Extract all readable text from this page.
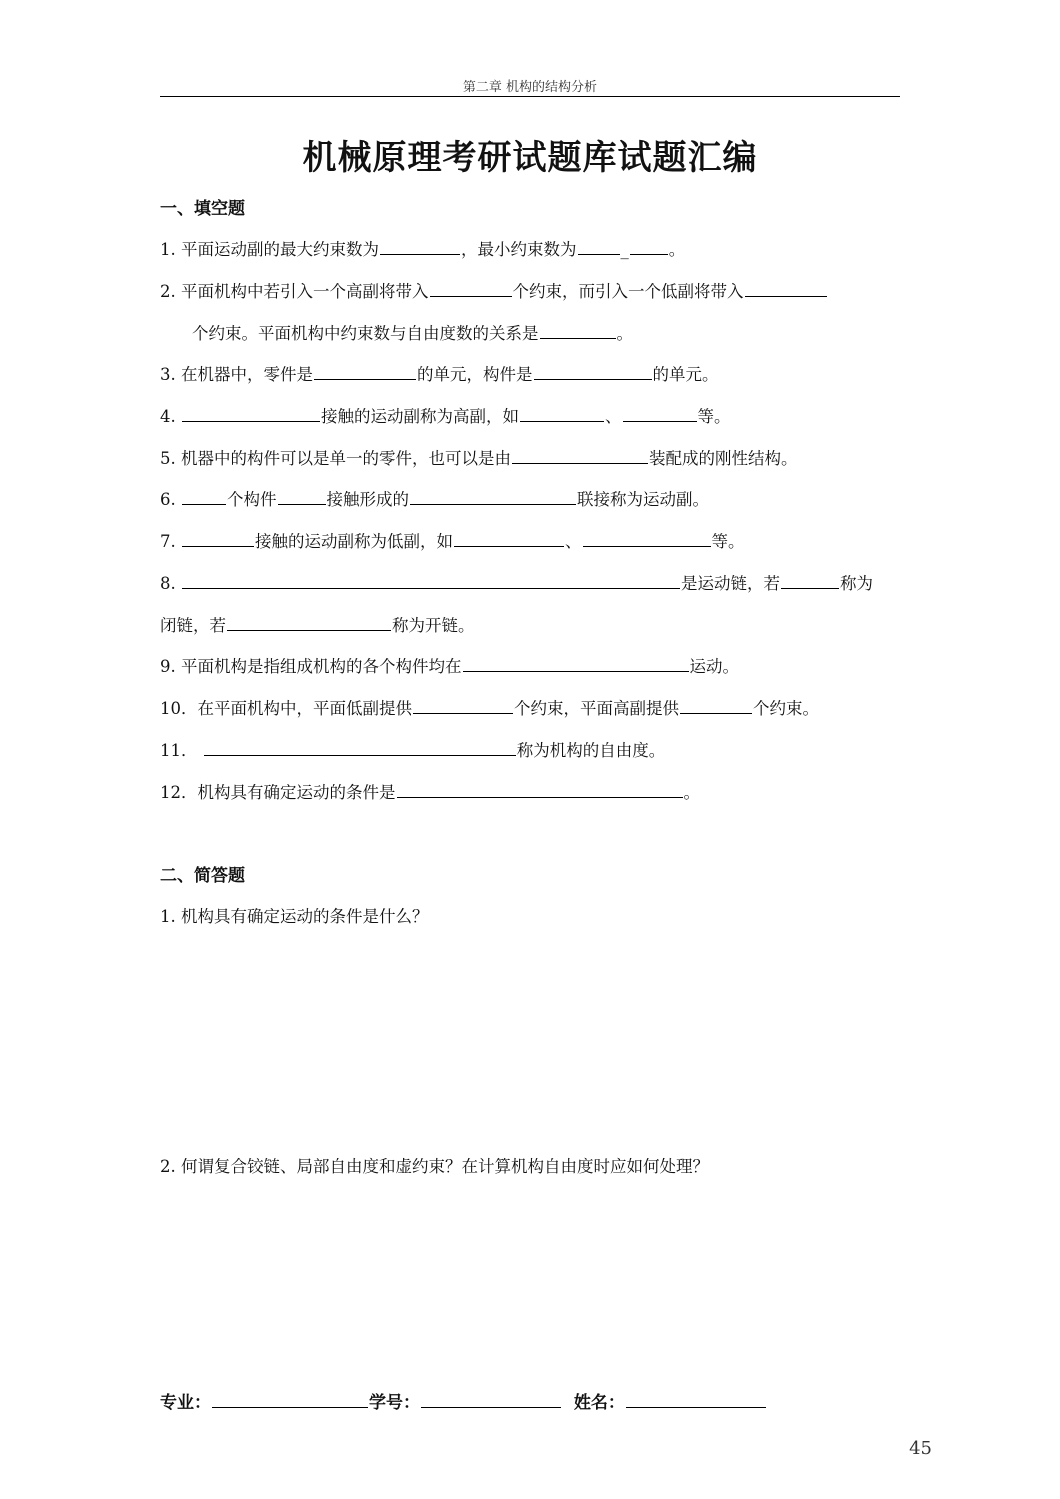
第二章 机构的结构分析
机械原理考研试题库试题汇编
一、填空题
1. 平面运动副的最大约束数为	，最小约束数为	_ 。
2. 平面机构中若引入一个高副将带入	个约束，而引入一个低副将带入
个约束。平面机构中约束数与自由度数的关系是	。
3. 在机器中，零件是	的单元，构件是	的单元。
4.	接触的运动副称为高副，如	、	等。
5. 机器中的构件可以是单一的零件，也可以是由	装配成的刚性结构。
6.	个构件	接触形成的	联接称为运动副。
7.	接触的运动副称为低副，如	、	等。
8.	是运动链，若	称为
闭链，若	称为开链。
9. 平面机构是指组成机构的各个构件均在	运动。
10．在平面机构中，平面低副提供	个约束，平面高副提供	个约束。
11．	称为机构的自由度。
12．机构具有确定运动的条件是	。
二、简答题
1. 机构具有确定运动的条件是什么？
2. 何谓复合铰链、局部自由度和虚约束？在计算机构自由度时应如何处理？
专业：	学号：	姓名：
45
